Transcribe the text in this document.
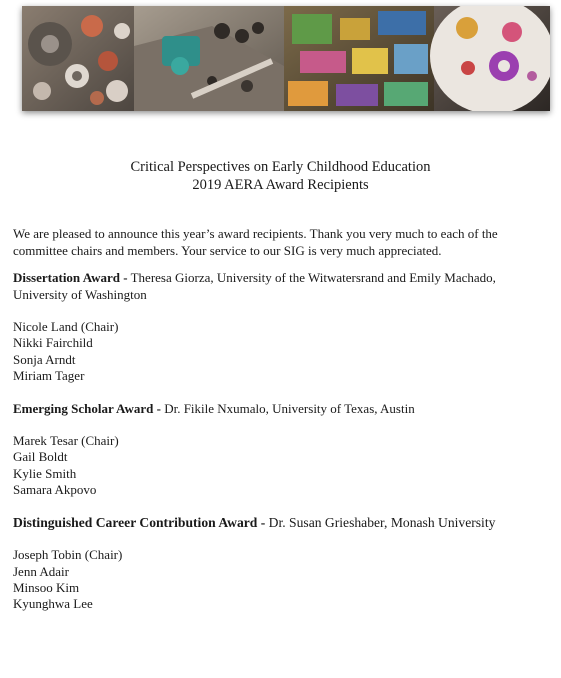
Critical Perspectives on Early Childhood Education
2019 AERA Award Recipients

We are pleased to announce this year’s award recipients. Thank you very much to each of the committee chairs and members. Your service to our SIG is very much appreciated.

Dissertation Award - Theresa Giorza, University of the Witwatersrand and Emily Machado, University of Washington

Nicole Land (Chair)
Nikki Fairchild
Sonja Arndt
Miriam Tager

Emerging Scholar Award - Dr. Fikile Nxumalo, University of Texas, Austin

Marek Tesar (Chair)
Gail Boldt
Kylie Smith
Samara Akpovo

Distinguished Career Contribution Award - Dr. Susan Grieshaber, Monash University

Joseph Tobin (Chair)
Jenn Adair
Minsoo Kim
Kyunghwa Lee
